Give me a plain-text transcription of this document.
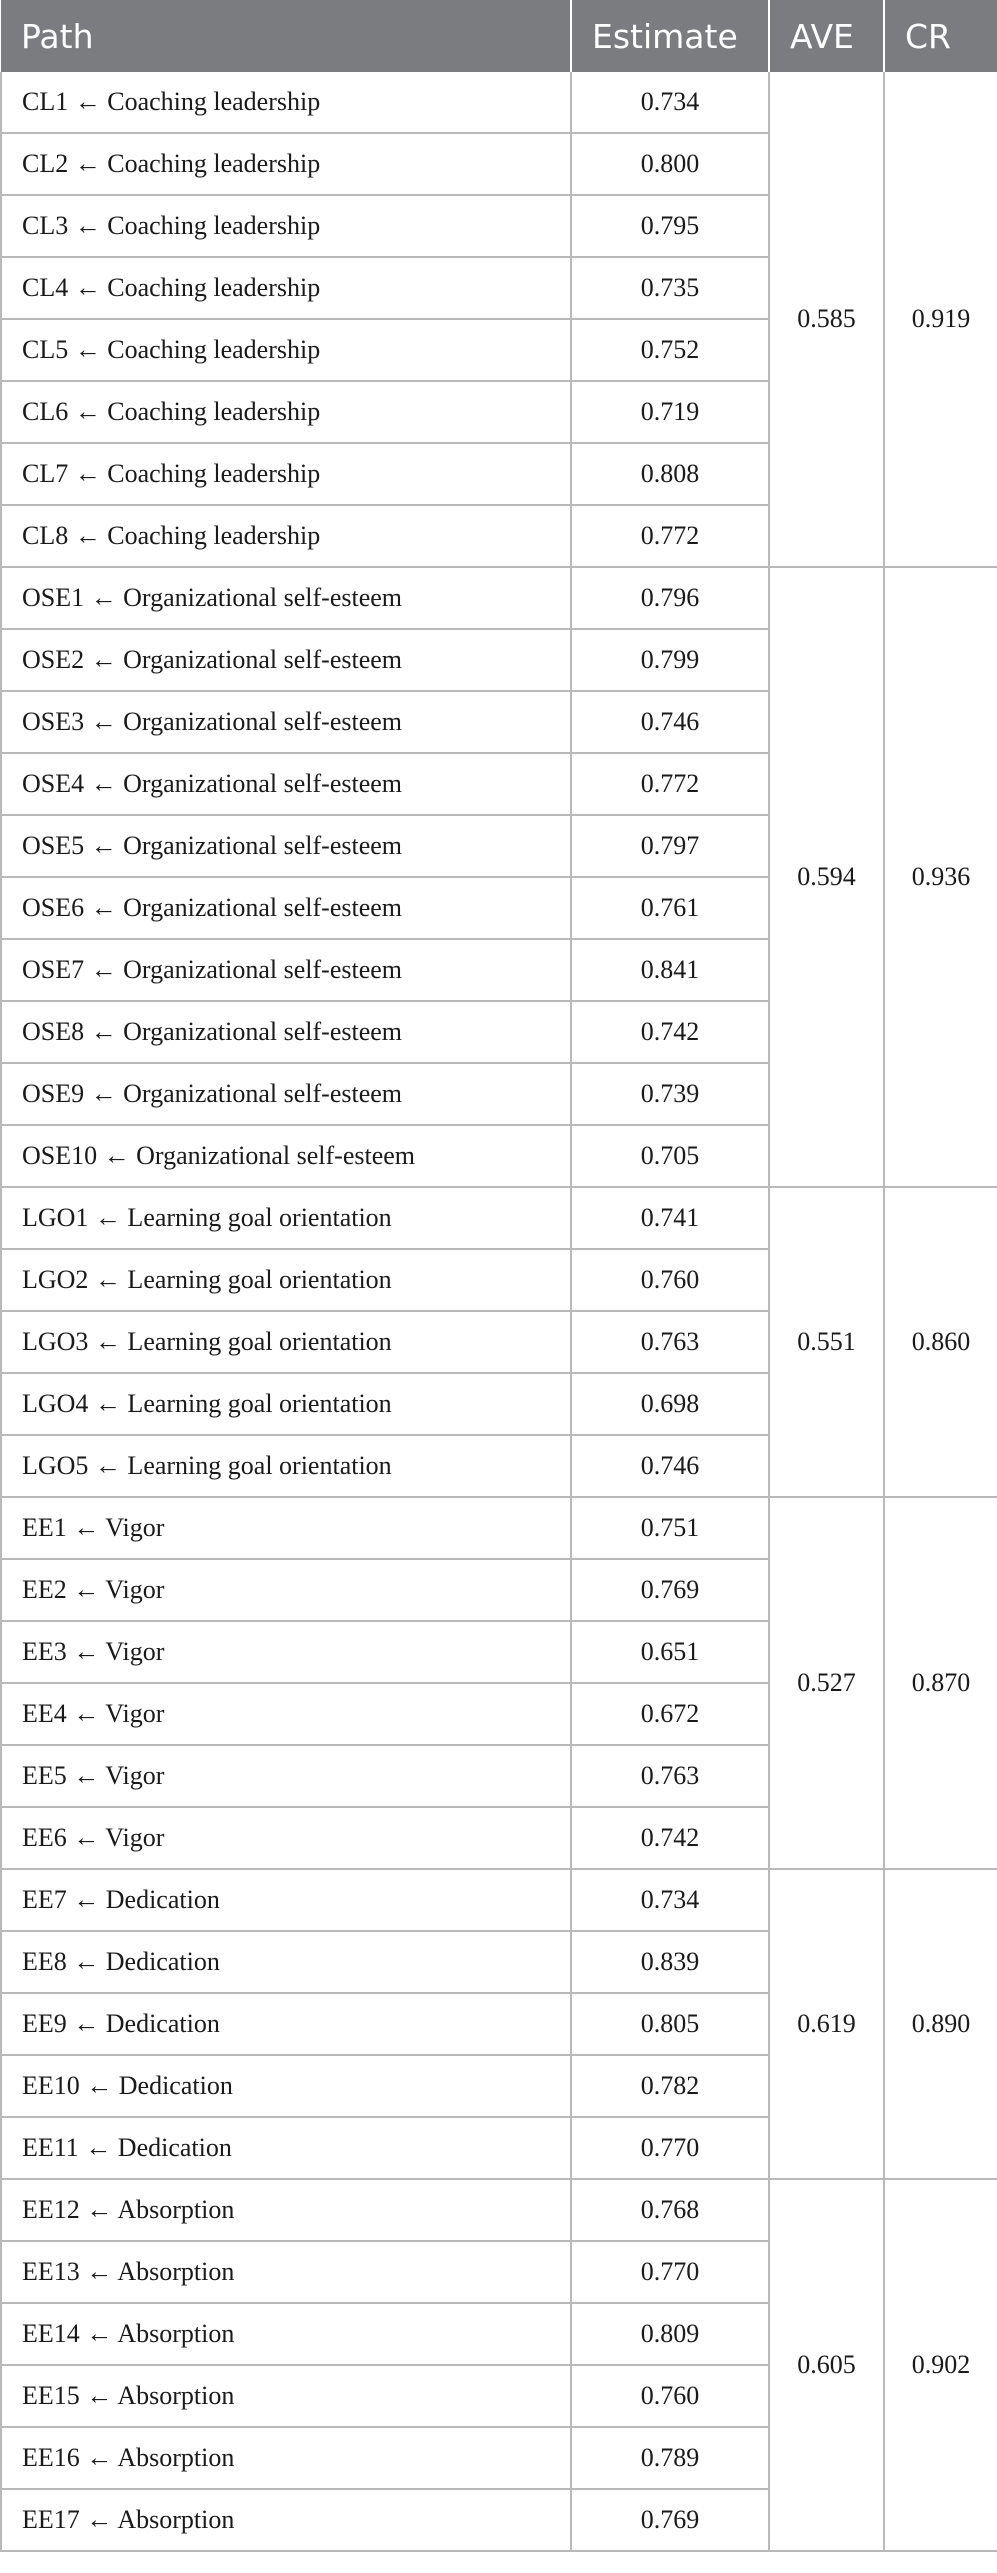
Path	Estimate	AVE	CR
CL1 ← Coaching leadership	0.734	0.585	0.919
CL2 ← Coaching leadership	0.800		
CL3 ← Coaching leadership	0.795		
CL4 ← Coaching leadership	0.735		
CL5 ← Coaching leadership	0.752		
CL6 ← Coaching leadership	0.719		
CL7 ← Coaching leadership	0.808		
CL8 ← Coaching leadership	0.772		
OSE1 ← Organizational self-esteem	0.796	0.594	0.936
OSE2 ← Organizational self-esteem	0.799		
OSE3 ← Organizational self-esteem	0.746		
OSE4 ← Organizational self-esteem	0.772		
OSE5 ← Organizational self-esteem	0.797		
OSE6 ← Organizational self-esteem	0.761		
OSE7 ← Organizational self-esteem	0.841		
OSE8 ← Organizational self-esteem	0.742		
OSE9 ← Organizational self-esteem	0.739		
OSE10 ← Organizational self-esteem	0.705		
LGO1 ← Learning goal orientation	0.741	0.551	0.860
LGO2 ← Learning goal orientation	0.760		
LGO3 ← Learning goal orientation	0.763		
LGO4 ← Learning goal orientation	0.698		
LGO5 ← Learning goal orientation	0.746		
EE1 ← Vigor	0.751	0.527	0.870
EE2 ← Vigor	0.769		
EE3 ← Vigor	0.651		
EE4 ← Vigor	0.672		
EE5 ← Vigor	0.763		
EE6 ← Vigor	0.742		
EE7 ← Dedication	0.734	0.619	0.890
EE8 ← Dedication	0.839		
EE9 ← Dedication	0.805		
EE10 ← Dedication	0.782		
EE11 ← Dedication	0.770		
EE12 ← Absorption	0.768	0.605	0.902
EE13 ← Absorption	0.770		
EE14 ← Absorption	0.809		
EE15 ← Absorption	0.760		
EE16 ← Absorption	0.789		
EE17 ← Absorption	0.769		
